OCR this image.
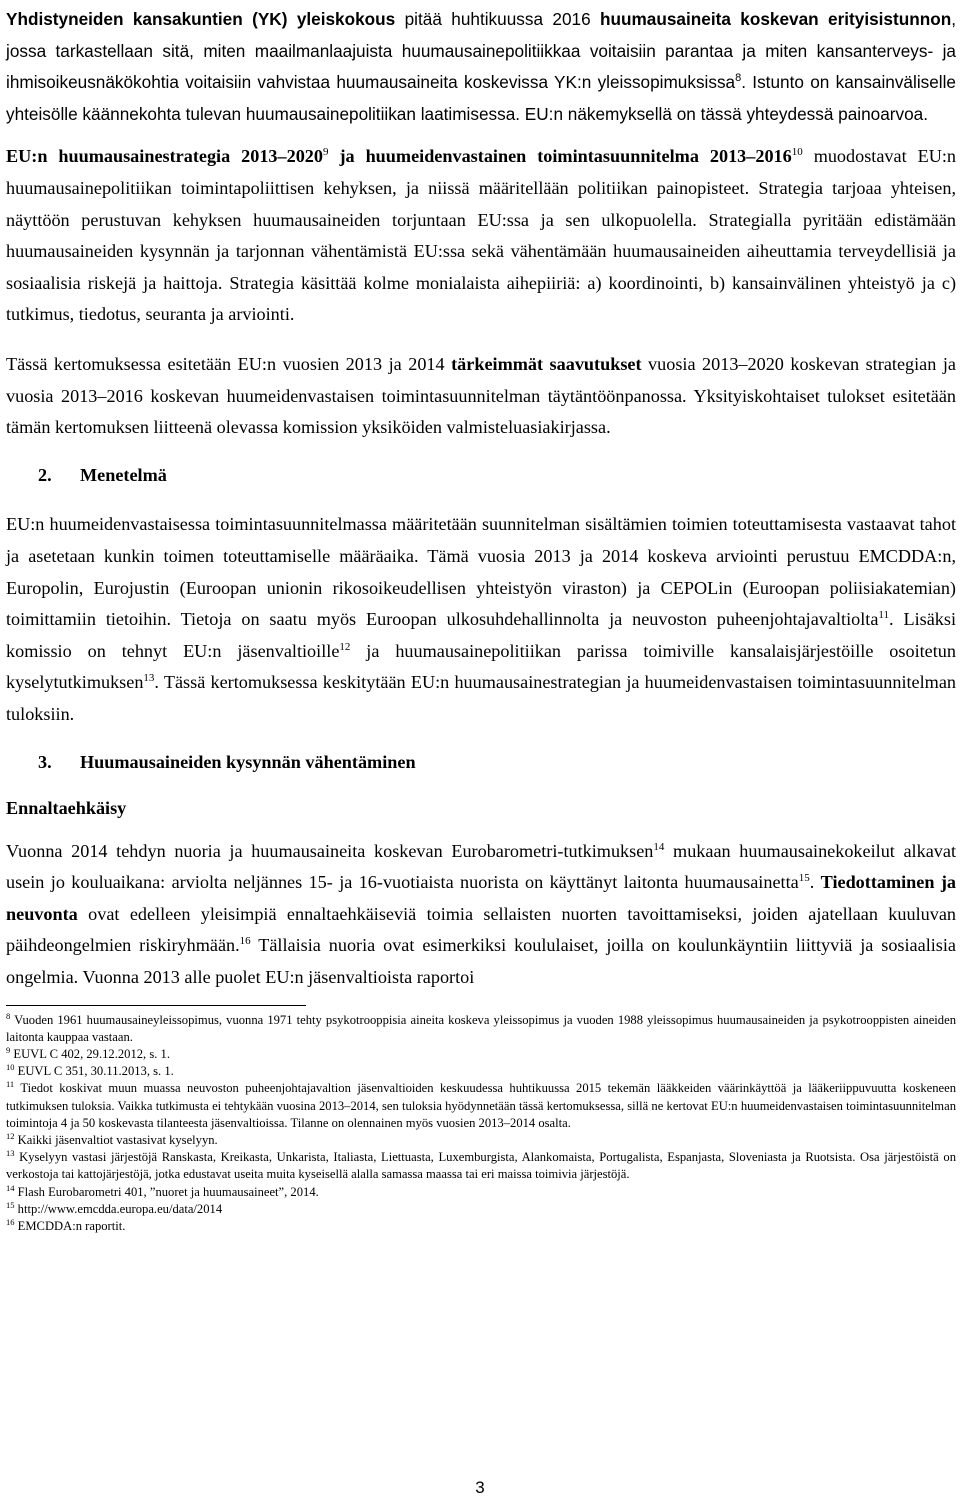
Yhdistyneiden kansakuntien (YK) yleiskokous pitää huhtikuussa 2016 huumausaineita koskevan erityisistunnon, jossa tarkastellaan sitä, miten maailmanlaajuista huumausainepolitiikkaa voitaisiin parantaa ja miten kansanterveys- ja ihmisoikeusnäkökohtia voitaisiin vahvistaa huumausaineita koskevissa YK:n yleissopimuksissa$^8$. Istunto on kansainväliselle yhteisölle käännekohta tulevan huumausainepolitiikan laatimisessa. EU:n näkemyksellä on tässä yhteydessä painoarvoa.

EU:n huumausainestrategia 2013–2020$^9$ ja huumeidenvastainen toimintasuunnitelma 2013–2016$^{10}$ muodostavat EU:n huumausainepolitiikan toimintapoliittisen kehyksen, ja niissä määritellään politiikan painopisteet. Strategia tarjoaa yhteisen, näyttöön perustuvan kehyksen huumausaineiden torjuntaan EU:ssa ja sen ulkopuolella. Strategialla pyritään edistämään huumausaineiden kysynnän ja tarjonnan vähentämistä EU:ssa sekä vähentämään huumausaineiden aiheuttamia terveydellisiä ja sosiaalisia riskejä ja haittoja. Strategia käsittää kolme monialaista aihepiiriä: a) koordinointi, b) kansainvälinen yhteistyö ja c) tutkimus, tiedotus, seuranta ja arviointi.

Tässä kertomuksessa esitetään EU:n vuosien 2013 ja 2014 tärkeimmät saavutukset vuosia 2013–2020 koskevan strategian ja vuosia 2013–2016 koskevan huumeidenvastaisen toimintasuunnitelman täytäntöönpanossa. Yksityiskohtaiset tulokset esitetään tämän kertomuksen liitteenä olevassa komission yksiköiden valmisteluasiakirjassa.

2. Menetelmä

EU:n huumeidenvastaisessa toimintasuunnitelmassa määritetään suunnitelman sisältämien toimien toteuttamisesta vastaavat tahot ja asetetaan kunkin toimen toteuttamiselle määräaika. Tämä vuosia 2013 ja 2014 koskeva arviointi perustuu EMCDDA:n, Europolin, Eurojustin (Euroopan unionin rikosoikeudellisen yhteistyön viraston) ja CEPOLin (Euroopan poliisiakatemian) toimittamiin tietoihin. Tietoja on saatu myös Euroopan ulkosuhdehallinnolta ja neuvoston puheenjohtajavaltiolta$^{11}$. Lisäksi komissio on tehnyt EU:n jäsenvaltioille$^{12}$ ja huumausainepolitiikan parissa toimiville kansalaisjärjestöille osoitetun kyselytutkimuksen$^{13}$. Tässä kertomuksessa keskitytään EU:n huumausainestrategian ja huumeidenvastaisen toimintasuunnitelman tuloksiin.

3. Huumausaineiden kysynnän vähentäminen

Ennaltaehkäisy

Vuonna 2014 tehdyn nuoria ja huumausaineita koskevan Eurobarometri-tutkimuksen$^{14}$ mukaan huumausainekokeilut alkavat usein jo kouluaikana: arviolta neljännes 15- ja 16-vuotiaista nuorista on käyttänyt laitonta huumausainetta$^{15}$. Tiedottaminen ja neuvonta ovat edelleen yleisimpiä ennaltaehkäiseviä toimia sellaisten nuorten tavoittamiseksi, joiden ajatellaan kuuluvan päihdeongelmien riskiryhmään.$^{16}$ Tällaisia nuoria ovat esimerkiksi koululaiset, joilla on koulunkäyntiin liittyviä ja sosiaalisia ongelmia. Vuonna 2013 alle puolet EU:n jäsenvaltioista raportoi

$^8$ Vuoden 1961 huumausaineyleissopimus, vuonna 1971 tehty psykotrooppisia aineita koskeva yleissopimus ja vuoden 1988 yleissopimus huumausaineiden ja psykotrooppisten aineiden laitonta kauppaa vastaan.

$^9$ EUVL C 402, 29.12.2012, s. 1.

$^{10}$ EUVL C 351, 30.11.2013, s. 1.

$^{11}$ Tiedot koskivat muun muassa neuvoston puheenjohtajavaltion jäsenvaltioiden keskuudessa huhtikuussa 2015 tekemän lääkkeiden väärinkäyttöä ja lääkeriippuvuutta koskeneen tutkimuksen tuloksia. Vaikka tutkimusta ei tehtykään vuosina 2013–2014, sen tuloksia hyödynnetään tässä kertomuksessa, sillä ne kertovat EU:n huumeidenvastaisen toimintasuunnitelman toimintoja 4 ja 50 koskevasta tilanteesta jäsenvaltioissa. Tilanne on olennainen myös vuosien 2013–2014 osalta.

$^{12}$ Kaikki jäsenvaltiot vastasivat kyselyyn.

$^{13}$ Kyselyyn vastasi järjestöjä Ranskasta, Kreikasta, Unkarista, Italiasta, Liettuasta, Luxemburgista, Alankomaista, Portugalista, Espanjasta, Sloveniasta ja Ruotsista. Osa järjestöistä on verkostoja tai kattojärjestöjä, jotka edustavat useita muita kyseisellä alalla samassa maassa tai eri maissa toimivia järjestöjä.

$^{14}$ Flash Eurobarometri 401, ”nuoret ja huumausaineet”, 2014.

$^{15}$ http://www.emcdda.europa.eu/data/2014

$^{16}$ EMCDDA:n raportit.

3
